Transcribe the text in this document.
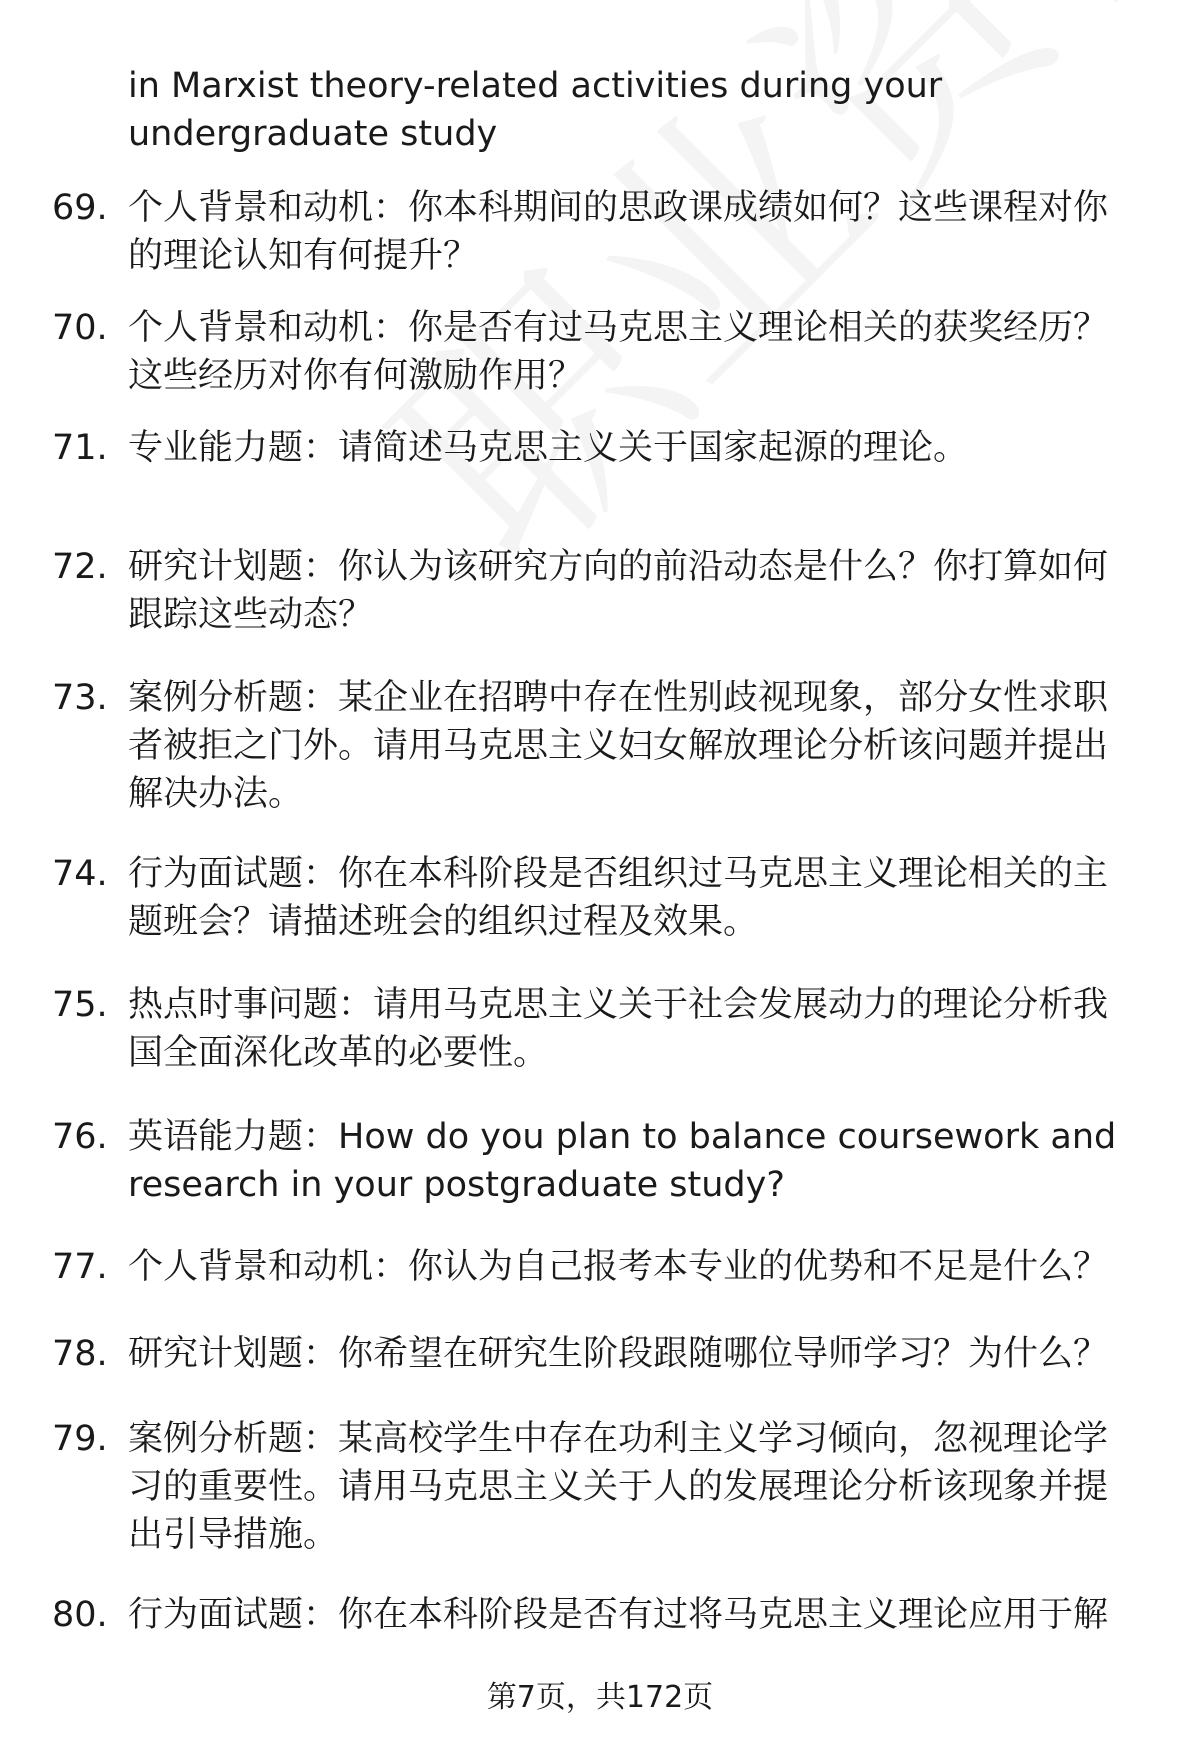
in Marxist theory-related activities during your undergraduate study
69. 个人背景和动机：你本科期间的思政课成绩如何？这些课程对你的理论认知有何提升？
70. 个人背景和动机：你是否有过马克思主义理论相关的获奖经历？这些经历对你有何激励作用？
71. 专业能力题：请简述马克思主义关于国家起源的理论。
72. 研究计划题：你认为该研究方向的前沿动态是什么？你打算如何跟踪这些动态？
73. 案例分析题：某企业在招聘中存在性别歧视现象，部分女性求职者被拒之门外。请用马克思主义妇女解放理论分析该问题并提出解决办法。
74. 行为面试题：你在本科阶段是否组织过马克思主义理论相关的主题班会？请描述班会的组织过程及效果。
75. 热点时事问题：请用马克思主义关于社会发展动力的理论分析我国全面深化改革的必要性。
76. 英语能力题：How do you plan to balance coursework and research in your postgraduate study?
77. 个人背景和动机：你认为自己报考本专业的优势和不足是什么？
78. 研究计划题：你希望在研究生阶段跟随哪位导师学习？为什么？
79. 案例分析题：某高校学生中存在功利主义学习倾向，忽视理论学习的重要性。请用马克思主义关于人的发展理论分析该现象并提出引导措施。
80. 行为面试题：你在本科阶段是否有过将马克思主义理论应用于解
第7页，共172页
